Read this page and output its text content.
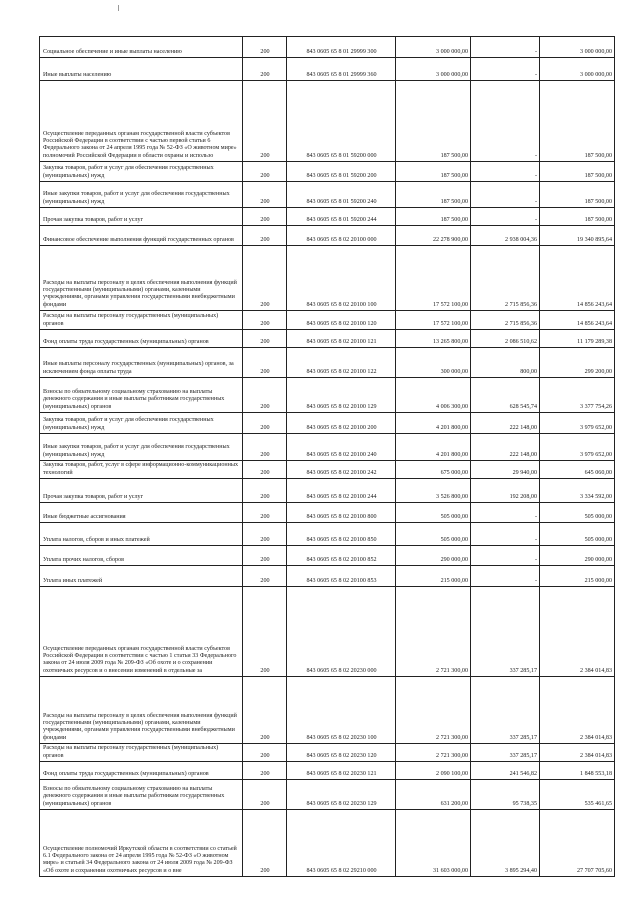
Социальное обеспечение и иные выплаты населению	200	843 0605 65 8 01 29999 300	3 000 000,00	-	3 000 000,00
Иные выплаты населению	200	843 0605 65 8 01 29999 360	3 000 000,00	-	3 000 000,00
Осуществление переданных органам государственной власти субъектов Российской Федерации в соответствии с частью первой статьи 6 Федерального закона от 24 апреля 1995 года № 52-ФЗ «О животном мире» полномочий Российской Федерации в области охраны и использо	200	843 0605 65 8 01 59200 000	187 500,00	-	187 500,00
Закупка товаров, работ и услуг для обеспечения государственных (муниципальных) нужд	200	843 0605 65 8 01 59200 200	187 500,00	-	187 500,00
Иные закупки товаров, работ и услуг для обеспечения государственных (муниципальных) нужд	200	843 0605 65 8 01 59200 240	187 500,00	-	187 500,00
Прочая закупка товаров, работ и услуг	200	843 0605 65 8 01 59200 244	187 500,00	-	187 500,00
Финансовое обеспечение выполнения функций государственных органов	200	843 0605 65 8 02 20100 000	22 278 900,00	2 938 004,36	19 340 895,64
Расходы на выплаты персоналу в целях обеспечения выполнения функций государственными (муниципальными) органами, казенными учреждениями, органами управления государственными внебюджетными фондами	200	843 0605 65 8 02 20100 100	17 572 100,00	2 715 856,36	14 856 243,64
Расходы на выплаты персоналу государственных (муниципальных) органов	200	843 0605 65 8 02 20100 120	17 572 100,00	2 715 856,36	14 856 243,64
Фонд оплаты труда государственных (муниципальных) органов	200	843 0605 65 8 02 20100 121	13 265 800,00	2 086 510,62	11 179 289,38
Иные выплаты персоналу государственных (муниципальных) органов, за исключением фонда оплаты труда	200	843 0605 65 8 02 20100 122	300 000,00	800,00	299 200,00
Взносы по обязательному социальному страхованию на выплаты денежного содержания и иные выплаты работникам государственных (муниципальных) органов	200	843 0605 65 8 02 20100 129	4 006 300,00	628 545,74	3 377 754,26
Закупка товаров, работ и услуг для обеспечения государственных (муниципальных) нужд	200	843 0605 65 8 02 20100 200	4 201 800,00	222 148,00	3 979 652,00
Иные закупки товаров, работ и услуг для обеспечения государственных (муниципальных) нужд	200	843 0605 65 8 02 20100 240	4 201 800,00	222 148,00	3 979 652,00
Закупка товаров, работ, услуг в сфере информационно-коммуникационных технологий	200	843 0605 65 8 02 20100 242	675 000,00	29 940,00	645 060,00
Прочая закупка товаров, работ и услуг	200	843 0605 65 8 02 20100 244	3 526 800,00	192 208,00	3 334 592,00
Иные бюджетные ассигнования	200	843 0605 65 8 02 20100 800	505 000,00	-	505 000,00
Уплата налогов, сборов и иных платежей	200	843 0605 65 8 02 20100 850	505 000,00	-	505 000,00
Уплата прочих налогов, сборов	200	843 0605 65 8 02 20100 852	290 000,00	-	290 000,00
Уплата иных платежей	200	843 0605 65 8 02 20100 853	215 000,00	-	215 000,00
Осуществление переданных органам государственной власти субъектов Российской Федерации в соответствии с частью 1 статьи 33 Федерального закона от 24 июля 2009 года № 209-ФЗ «Об охоте и о сохранении охотничьих ресурсов и о внесении изменений в отдельные за	200	843 0605 65 8 02 20230 000	2 721 300,00	337 285,17	2 384 014,83
Расходы на выплаты персоналу в целях обеспечения выполнения функций государственными (муниципальными) органами, казенными учреждениями, органами управления государственными внебюджетными фондами	200	843 0605 65 8 02 20230 100	2 721 300,00	337 285,17	2 384 014,83
Расходы на выплаты персоналу государственных (муниципальных) органов	200	843 0605 65 8 02 20230 120	2 721 300,00	337 285,17	2 384 014,83
Фонд оплаты труда государственных (муниципальных) органов	200	843 0605 65 8 02 20230 121	2 090 100,00	241 546,82	1 848 553,18
Взносы по обязательному социальному страхованию на выплаты денежного содержания и иные выплаты работникам государственных (муниципальных) органов	200	843 0605 65 8 02 20230 129	631 200,00	95 738,35	535 461,65
Осуществление полномочий Иркутской области в соответствии со статьей 6.1 Федерального закона от 24 апреля 1995 года № 52-ФЗ «О животном мире» и статьей 34 Федерального закона от 24 июля 2009 года № 209-ФЗ «Об охоте и сохранении охотничьих ресурсов и о вне	200	843 0605 65 8 02 29210 000	31 603 000,00	3 895 294,40	27 707 705,60
